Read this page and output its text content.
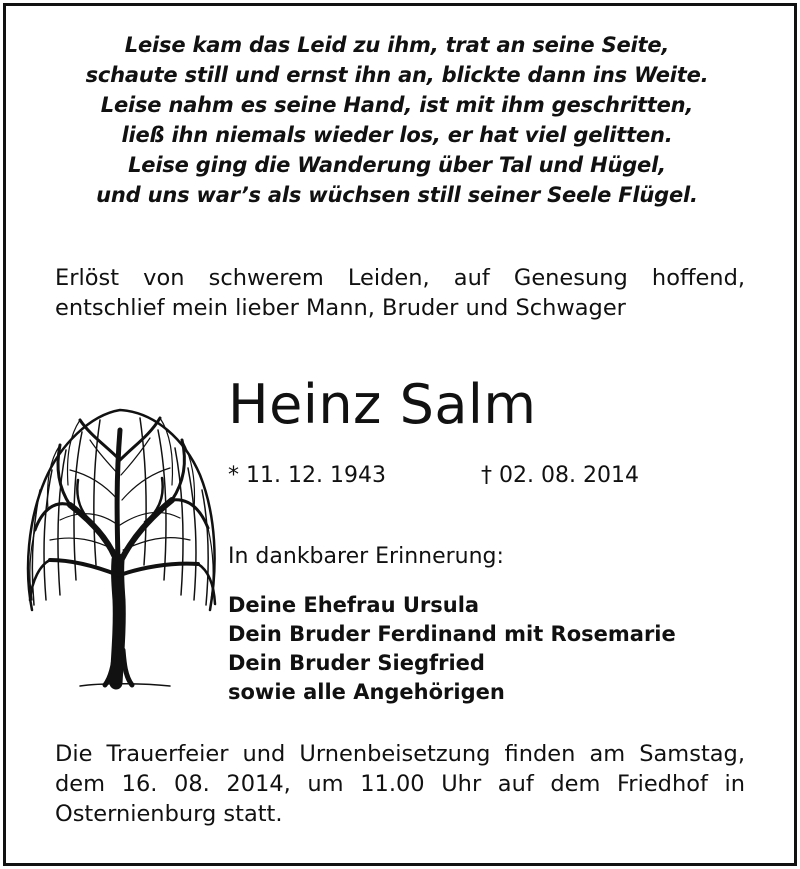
Leise kam das Leid zu ihm, trat an seine Seite,
schaute still und ernst ihn an, blickte dann ins Weite.
Leise nahm es seine Hand, ist mit ihm geschritten,
ließ ihn niemals wieder los, er hat viel gelitten.
Leise ging die Wanderung über Tal und Hügel,
und uns war’s als wüchsen still seiner Seele Flügel.
Erlöst von schwerem Leiden, auf Genesung hoffend,
entschlief mein lieber Mann, Bruder und Schwager
Heinz Salm
* 11. 12. 1943	† 02. 08. 2014
In dankbarer Erinnerung:
Deine Ehefrau Ursula
Dein Bruder Ferdinand mit Rosemarie
Dein Bruder Siegfried
sowie alle Angehörigen
Die Trauerfeier und Urnenbeisetzung finden am Samstag,
dem 16. 08. 2014, um 11.00 Uhr auf dem Friedhof in
Osternienburg statt.
